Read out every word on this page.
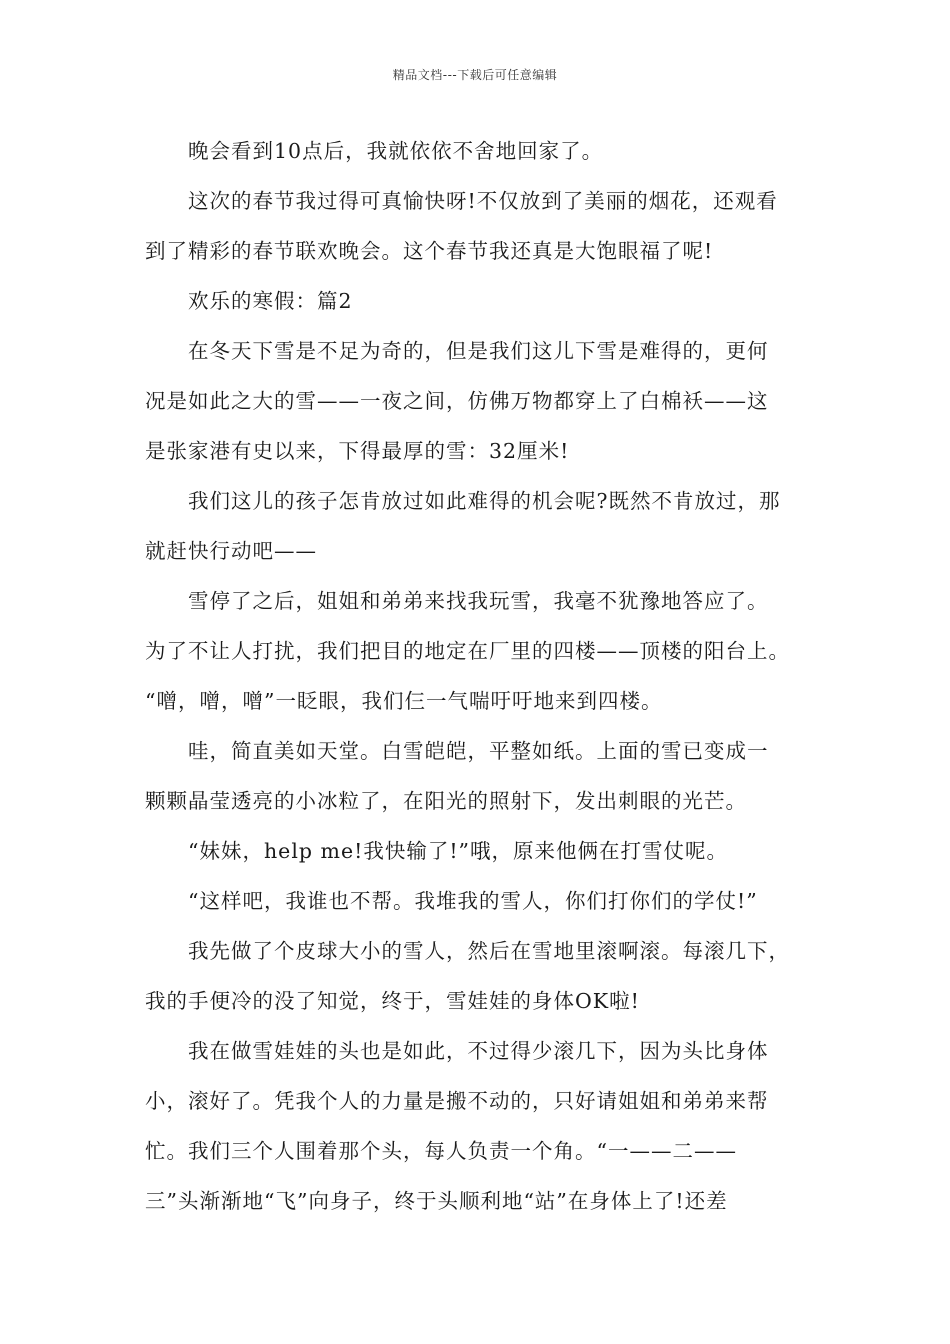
精品文档---下载后可任意编辑
晚会看到10点后，我就依依不舍地回家了。
这次的春节我过得可真愉快呀!不仅放到了美丽的烟花，还观看
到了精彩的春节联欢晚会。这个春节我还真是大饱眼福了呢!
欢乐的寒假：篇2
在冬天下雪是不足为奇的，但是我们这儿下雪是难得的，更何
况是如此之大的雪——一夜之间，仿佛万物都穿上了白棉袄——这
是张家港有史以来，下得最厚的雪：32厘米!
我们这儿的孩子怎肯放过如此难得的机会呢?既然不肯放过，那
就赶快行动吧——
雪停了之后，姐姐和弟弟来找我玩雪，我毫不犹豫地答应了。
为了不让人打扰，我们把目的地定在厂里的四楼——顶楼的阳台上。
“噌，噌，噌”一眨眼，我们仨一气喘吁吁地来到四楼。
哇，简直美如天堂。白雪皑皑，平整如纸。上面的雪已变成一
颗颗晶莹透亮的小冰粒了，在阳光的照射下，发出刺眼的光芒。
“妹妹，help me!我快输了!”哦，原来他俩在打雪仗呢。
“这样吧，我谁也不帮。我堆我的雪人，你们打你们的学仗!”
我先做了个皮球大小的雪人，然后在雪地里滚啊滚。每滚几下，
我的手便冷的没了知觉，终于，雪娃娃的身体OK啦!
我在做雪娃娃的头也是如此，不过得少滚几下，因为头比身体
小，滚好了。凭我个人的力量是搬不动的，只好请姐姐和弟弟来帮
忙。我们三个人围着那个头，每人负责一个角。“一——二——
三”头渐渐地“飞”向身子，终于头顺利地“站”在身体上了!还差
